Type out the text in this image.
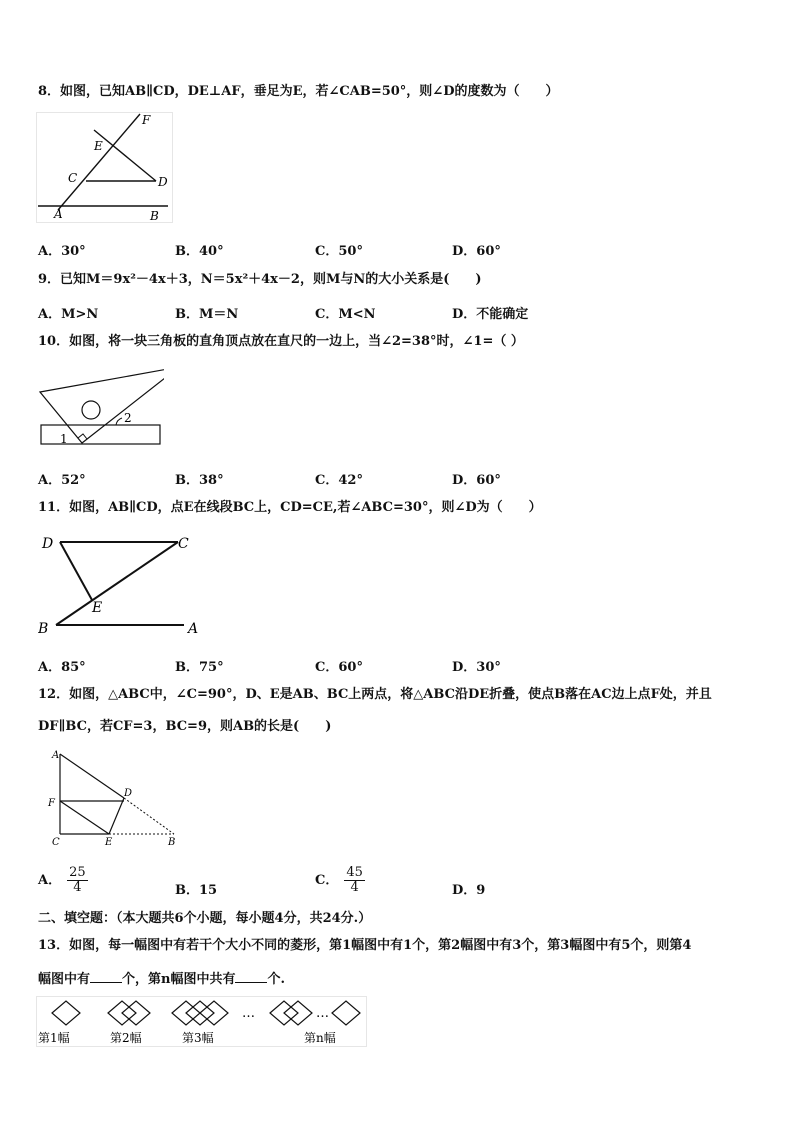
8．如图，已知AB∥CD，DE⊥AF，垂足为E，若∠CAB=50°，则∠D的度数为（　　）
F
E
C	D
A	B
A．30°	B．40°	C．50°	D．60°
9．已知M＝9x²－4x＋3，N＝5x²＋4x－2，则M与N的大小关系是(　　)
A．M>N	B．M＝N	C．M<N	D．不能确定
10．如图，将一块三角板的直角顶点放在直尺的一边上，当∠2=38°时，∠1=（ ）
2
1
A．52°	B．38°	C．42°	D．60°
11．如图，AB∥CD，点E在线段BC上，CD=CE,若∠ABC=30°，则∠D为（　　）
D	C
E
B	A
A．85°	B．75°	C．60°	D．30°
12．如图，△ABC中，∠C=90°，D、E是AB、BC上两点，将△ABC沿DE折叠，使点B落在AC边上点F处，并且
DF∥BC，若CF=3，BC=9，则AB的长是(　　)
A
F
D
C	E	B
A． $\frac{25}{4}$	B．15
C． $\frac{45}{4}$	D．9
二、填空题：（本大题共6个小题，每小题4分，共24分.）
13．如图，每一幅图中有若干个大小不同的菱形，第1幅图中有1个，第2幅图中有3个，第3幅图中有5个，则第4
幅图中有 个，第n幅图中共有 个.
…	…
第1幅	第2幅	第3幅	第n幅
